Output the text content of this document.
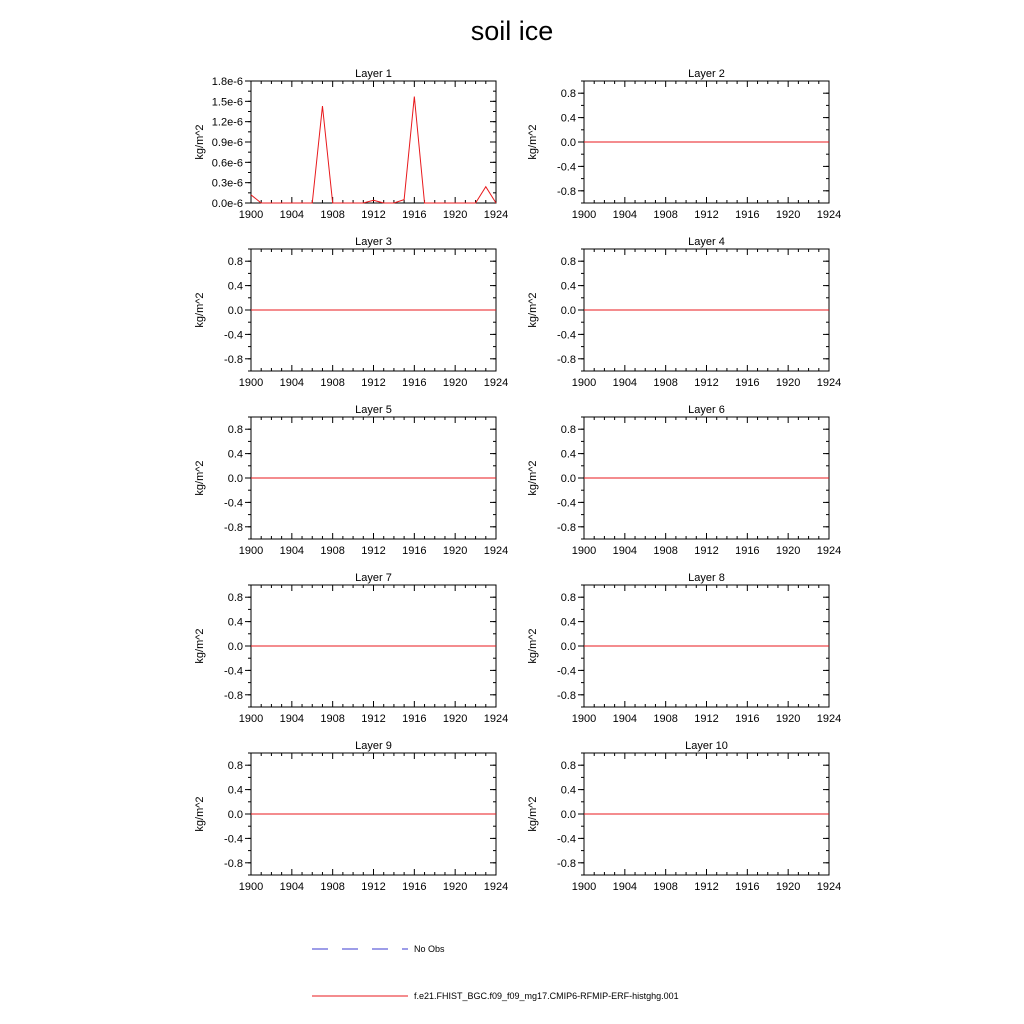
soil ice
Layer 1
kg/m^2
1900 1904 1908 1912 1916 1920 1924
0.0e-6
0.3e-6
0.6e-6
0.9e-6
1.2e-6
1.5e-6
1.8e-6
Layer 2
kg/m^2
1900 1904 1908 1912 1916 1920 1924
0.8
0.4
0.0
-0.4
-0.8
Layer 3
kg/m^2
1900 1904 1908 1912 1916 1920 1924
0.8
0.4
0.0
-0.4
-0.8
Layer 4
kg/m^2
1900 1904 1908 1912 1916 1920 1924
0.8
0.4
0.0
-0.4
-0.8
Layer 5
kg/m^2
1900 1904 1908 1912 1916 1920 1924
0.8
0.4
0.0
-0.4
-0.8
Layer 6
kg/m^2
1900 1904 1908 1912 1916 1920 1924
0.8
0.4
0.0
-0.4
-0.8
Layer 7
kg/m^2
1900 1904 1908 1912 1916 1920 1924
0.8
0.4
0.0
-0.4
-0.8
Layer 8
kg/m^2
1900 1904 1908 1912 1916 1920 1924
0.8
0.4
0.0
-0.4
-0.8
Layer 9
kg/m^2
1900 1904 1908 1912 1916 1920 1924
0.8
0.4
0.0
-0.4
-0.8
Layer 10
kg/m^2
1900 1904 1908 1912 1916 1920 1924
0.8
0.4
0.0
-0.4
-0.8
No Obs
f.e21.FHIST_BGC.f09_f09_mg17.CMIP6-RFMIP-ERF-histghg.001
